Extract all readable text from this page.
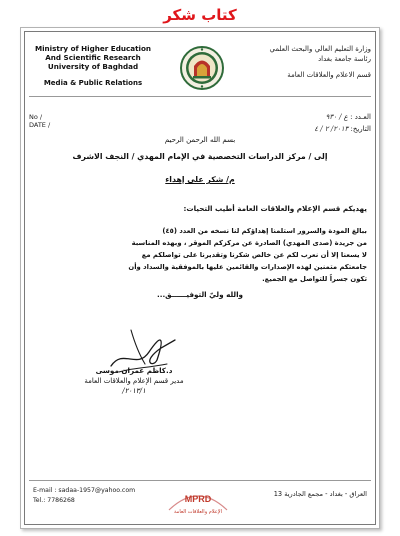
كتاب شكر
Ministry of Higher Education
And Scientific Research
University of Baghdad
Media & Public Relations
وزارة التعليم العالي والبحث العلمي
رئاسة جامعة بغداد
قسم الاعلام والعلاقات العامة
No /
DATE /
العـدد : ع / ٩٣٠
التاريخ: ٢٠١٣/ ٢ / ٤
بسم الله الرحمن الرحيم
إلى / مركز الدراسات التخصصية في الإمام المهدي / النجف الاشرف
م/ شكر على إهداء
يهديكم قسم الإعلام والعلاقات العامة أطيب التحيات:
ببالغ المودة والسرور استلمنا إهداؤكم لنا نسخه من العدد (٤٥)
من جريدة (صدى المهدي) الصادرة عن مركزكم الموقر ، وبهذه المناسبة
لا يسعنا إلا أن نعرب لكم عن خالص شكرنا وتقديرنا على تواصلكم مع
جامعتكم متمنين لهذه الإصدارات والقائمين عليها بالموفقية والسداد وأن
تكون جسراً للتواصل مع الجميع.
والله وليّ التوفيــــــق...
د.كاظم عمران موسى
مدير قسم الإعلام والعلاقات العامة
٢٠١٣/١/
E-mail : sadaa-1957@yahoo.com
Tel.: 7786268	MPRD
الإعلام والعلاقات العامة
العراق - بغداد - مجمع الجادرية 13
